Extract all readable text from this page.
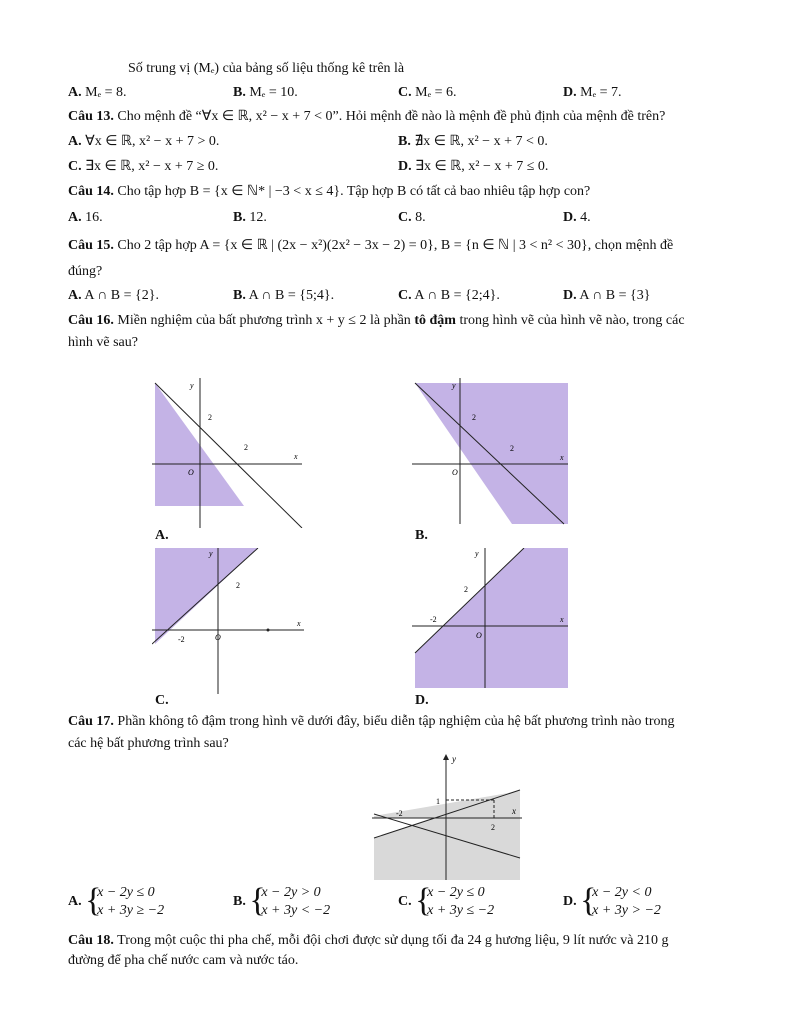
Số trung vị (Mₑ) của bảng số liệu thống kê trên là
A. Mₑ = 8.	B. Mₑ = 10.	C. Mₑ = 6.	D. Mₑ = 7.
Câu 13. Cho mệnh đề “∀x ∈ ℝ, x² − x + 7 < 0”. Hỏi mệnh đề nào là mệnh đề phủ định của mệnh đề trên?
A. ∀x ∈ ℝ, x² − x + 7 > 0.	B. ∄x ∈ ℝ, x² − x + 7 < 0.
C. ∃x ∈ ℝ, x² − x + 7 ≥ 0.	D. ∃x ∈ ℝ, x² − x + 7 ≤ 0.
Câu 14. Cho tập hợp B = {x ∈ ℕ* | −3 < x ≤ 4}. Tập hợp B có tất cả bao nhiêu tập hợp con?
A. 16.	B. 12.	C. 8.	D. 4.
Câu 15. Cho 2 tập hợp A = {x ∈ ℝ | (2x − x²)(2x² − 3x − 2) = 0}, B = {n ∈ ℕ | 3 < n² < 30}, chọn mệnh đề
đúng?
A. A ∩ B = {2}.	B. A ∩ B = {5;4}.	C. A ∩ B = {2;4}.	D. A ∩ B = {3}
Câu 16. Miền nghiệm của bất phương trình x + y ≤ 2 là phần tô đậm trong hình vẽ của hình vẽ nào, trong các
hình vẽ sau?
x
y
O
2
2
A.
x
y
O
2
2
B.
x
y
O
2
-2
C.
x
y
O
2
-2
D.
Câu 17. Phần không tô đậm trong hình vẽ dưới đây, biểu diễn tập nghiệm của hệ bất phương trình nào trong
các hệ bất phương trình sau?
y
x
1
2
-2
A. {
x − 2y ≤ 0
x + 3y ≥ −2
B. {
x − 2y > 0
x + 3y < −2
C. {
x − 2y ≤ 0
x + 3y ≤ −2
D. {
x − 2y < 0
x + 3y > −2
Câu 18. Trong một cuộc thi pha chế, mỗi đội chơi được sử dụng tối đa 24 g hương liệu, 9 lít nước và 210 g
đường để pha chế nước cam và nước táo.
